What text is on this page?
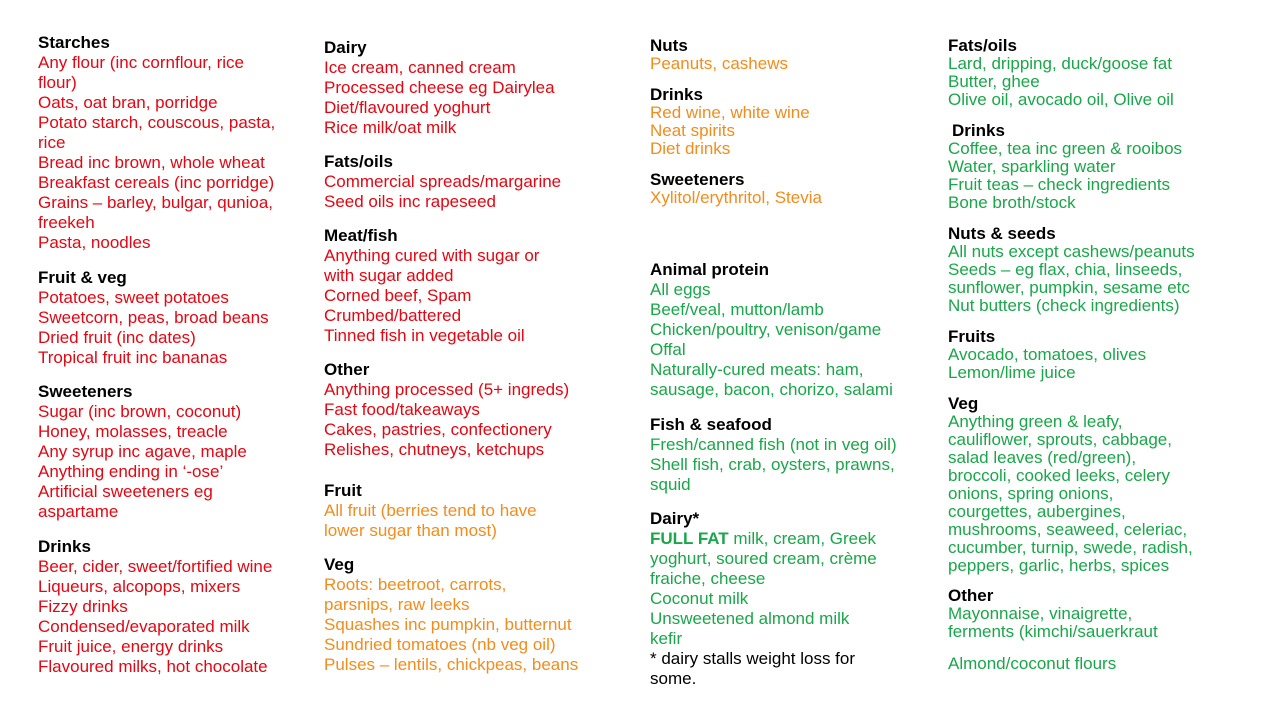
Starches
Any flour (inc cornflour, rice
flour)
Oats, oat bran, porridge
Potato starch, couscous, pasta,
rice
Bread inc brown, whole wheat
Breakfast cereals (inc porridge)
Grains – barley, bulgar, qunioa,
freekeh
Pasta, noodles
Fruit & veg
Potatoes, sweet potatoes
Sweetcorn, peas, broad beans
Dried fruit (inc dates)
Tropical fruit inc bananas
Sweeteners
Sugar (inc brown, coconut)
Honey, molasses, treacle
Any syrup inc agave, maple
Anything ending in ‘-ose’
Artificial sweeteners eg
aspartame
Drinks
Beer, cider, sweet/fortified wine
Liqueurs, alcopops, mixers
Fizzy drinks
Condensed/evaporated milk
Fruit juice, energy drinks
Flavoured milks, hot chocolate
Dairy
Ice cream, canned cream
Processed cheese eg Dairylea
Diet/flavoured yoghurt
Rice milk/oat milk
Fats/oils
Commercial spreads/margarine
Seed oils inc rapeseed
Meat/fish
Anything cured with sugar or
with sugar added
Corned beef, Spam
Crumbed/battered
Tinned fish in vegetable oil
Other
Anything processed (5+ ingreds)
Fast food/takeaways
Cakes, pastries, confectionery
Relishes, chutneys, ketchups
Fruit
All fruit (berries tend to have
lower sugar than most)
Veg
Roots: beetroot, carrots,
parsnips, raw leeks
Squashes inc pumpkin, butternut
Sundried tomatoes (nb veg oil)
Pulses – lentils, chickpeas, beans
Nuts
Peanuts, cashews
Drinks
Red wine, white wine
Neat spirits
Diet drinks
Sweeteners
Xylitol/erythritol, Stevia
Animal protein
All eggs
Beef/veal, mutton/lamb
Chicken/poultry, venison/game
Offal
Naturally-cured meats: ham,
sausage, bacon, chorizo, salami
Fish & seafood
Fresh/canned fish (not in veg oil)
Shell fish, crab, oysters, prawns,
squid
Dairy*
FULL FAT milk, cream, Greek
yoghurt, soured cream, crème
fraiche, cheese
Coconut milk
Unsweetened almond milk
kefir
* dairy stalls weight loss for
some.
Fats/oils
Lard, dripping, duck/goose fat
Butter, ghee
Olive oil, avocado oil, Olive oil
Drinks
Coffee, tea inc green & rooibos
Water, sparkling water
Fruit teas – check ingredients
Bone broth/stock
Nuts & seeds
All nuts except cashews/peanuts
Seeds – eg flax, chia, linseeds,
sunflower, pumpkin, sesame etc
Nut butters (check ingredients)
Fruits
Avocado, tomatoes, olives
Lemon/lime juice
Veg
Anything green & leafy,
cauliflower, sprouts, cabbage,
salad leaves (red/green),
broccoli, cooked leeks, celery
onions, spring onions,
courgettes, aubergines,
mushrooms, seaweed, celeriac,
cucumber, turnip, swede, radish,
peppers, garlic, herbs, spices
Other
Mayonnaise, vinaigrette,
ferments (kimchi/sauerkraut
Almond/coconut flours
